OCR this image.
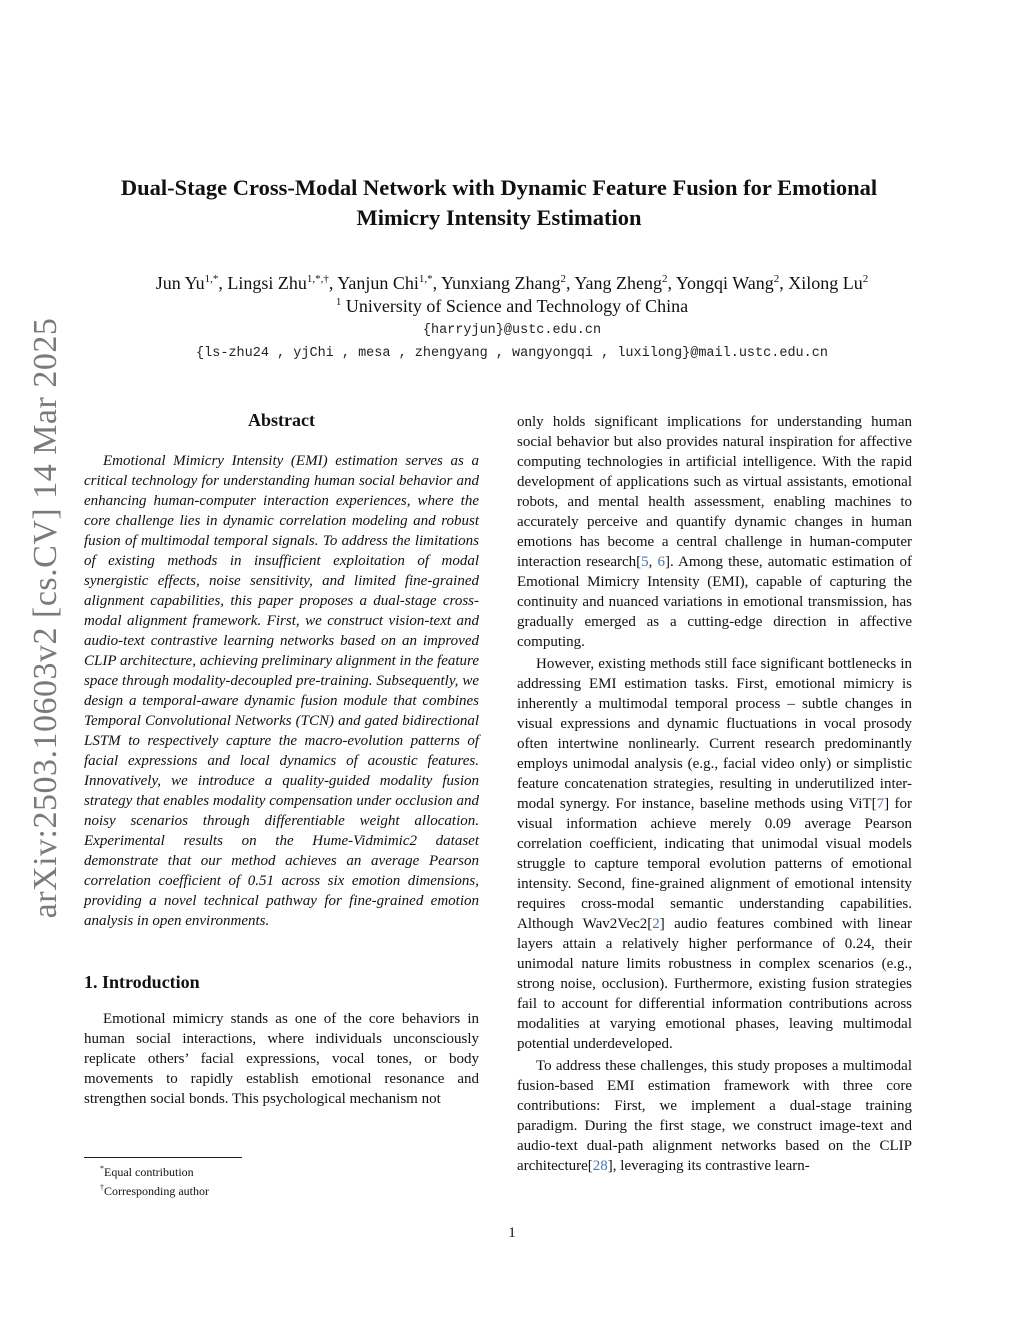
arXiv:2503.10603v2 [cs.CV] 14 Mar 2025
Dual-Stage Cross-Modal Network with Dynamic Feature Fusion for Emotional
Mimicry Intensity Estimation
Jun $Yu^{1,*}$, Lingsi Zhu$^{1,*,\dagger}$, Yanjun Chi$^{1,*}$, Yunxiang Zhang$^2$, Yang Zheng$^2$, Yongqi Wang$^2$, Xilong Lu$^2$
$^1$ University of Science and Technology of China
{harryjun}@ustc.edu.cn
{ls-zhu24 , yjChi , mesa , zhengyang , wangyongqi , luxilong}@mail.ustc.edu.cn
Abstract

Emotional Mimicry Intensity (EMI) estimation serves as a critical technology for understanding human social behavior and enhancing human-computer interaction experiences, where the core challenge lies in dynamic correlation modeling and robust fusion of multimodal temporal signals. To address the limitations of existing methods in insufficient exploitation of modal synergistic effects, noise sensitivity, and limited fine-grained alignment capabilities, this paper proposes a dual-stage cross-modal alignment framework. First, we construct vision-text and audio-text contrastive learning networks based on an improved CLIP architecture, achieving preliminary alignment in the feature space through modality-decoupled pre-training. Subsequently, we design a temporal-aware dynamic fusion module that combines Temporal Convolutional Networks (TCN) and gated bidirectional LSTM to respectively capture the macro-evolution patterns of facial expressions and local dynamics of acoustic features. Innovatively, we introduce a quality-guided modality fusion strategy that enables modality compensation under occlusion and noisy scenarios through differentiable weight allocation. Experimental results on the Hume-Vidmimic2 dataset demonstrate that our method achieves an average Pearson correlation coefficient of 0.51 across six emotion dimensions, providing a novel technical pathway for fine-grained emotion analysis in open environments.

1. Introduction

Emotional mimicry stands as one of the core behaviors in human social interactions, where individuals unconsciously replicate others’ facial expressions, vocal tones, or body movements to rapidly establish emotional resonance and strengthen social bonds. This psychological mechanism not

only holds significant implications for understanding human social behavior but also provides natural inspiration for affective computing technologies in artificial intelligence. With the rapid development of applications such as virtual assistants, emotional robots, and mental health assessment, enabling machines to accurately perceive and quantify dynamic changes in human emotions has become a central challenge in human-computer interaction research[5, 6]. Among these, automatic estimation of Emotional Mimicry Intensity (EMI), capable of capturing the continuity and nuanced variations in emotional transmission, has gradually emerged as a cutting-edge direction in affective computing.

However, existing methods still face significant bottlenecks in addressing EMI estimation tasks. First, emotional mimicry is inherently a multimodal temporal process – subtle changes in visual expressions and dynamic fluctuations in vocal prosody often intertwine nonlinearly. Current research predominantly employs unimodal analysis (e.g., facial video only) or simplistic feature concatenation strategies, resulting in underutilized inter-modal synergy. For instance, baseline methods using ViT[7] for visual information achieve merely 0.09 average Pearson correlation coefficient, indicating that unimodal visual models struggle to capture temporal evolution patterns of emotional intensity. Second, fine-grained alignment of emotional intensity requires cross-modal semantic understanding capabilities. Although Wav2Vec2[2] audio features combined with linear layers attain a relatively higher performance of 0.24, their unimodal nature limits robustness in complex scenarios (e.g., strong noise, occlusion). Furthermore, existing fusion strategies fail to account for differential information contributions across modalities at varying emotional phases, leaving multimodal potential underdeveloped.

To address these challenges, this study proposes a multimodal fusion-based EMI estimation framework with three core contributions: First, we implement a dual-stage training paradigm. During the first stage, we construct image-text and audio-text dual-path alignment networks based on the CLIP architecture[28], leveraging its contrastive learn-

*Equal contribution
†Corresponding author
1
